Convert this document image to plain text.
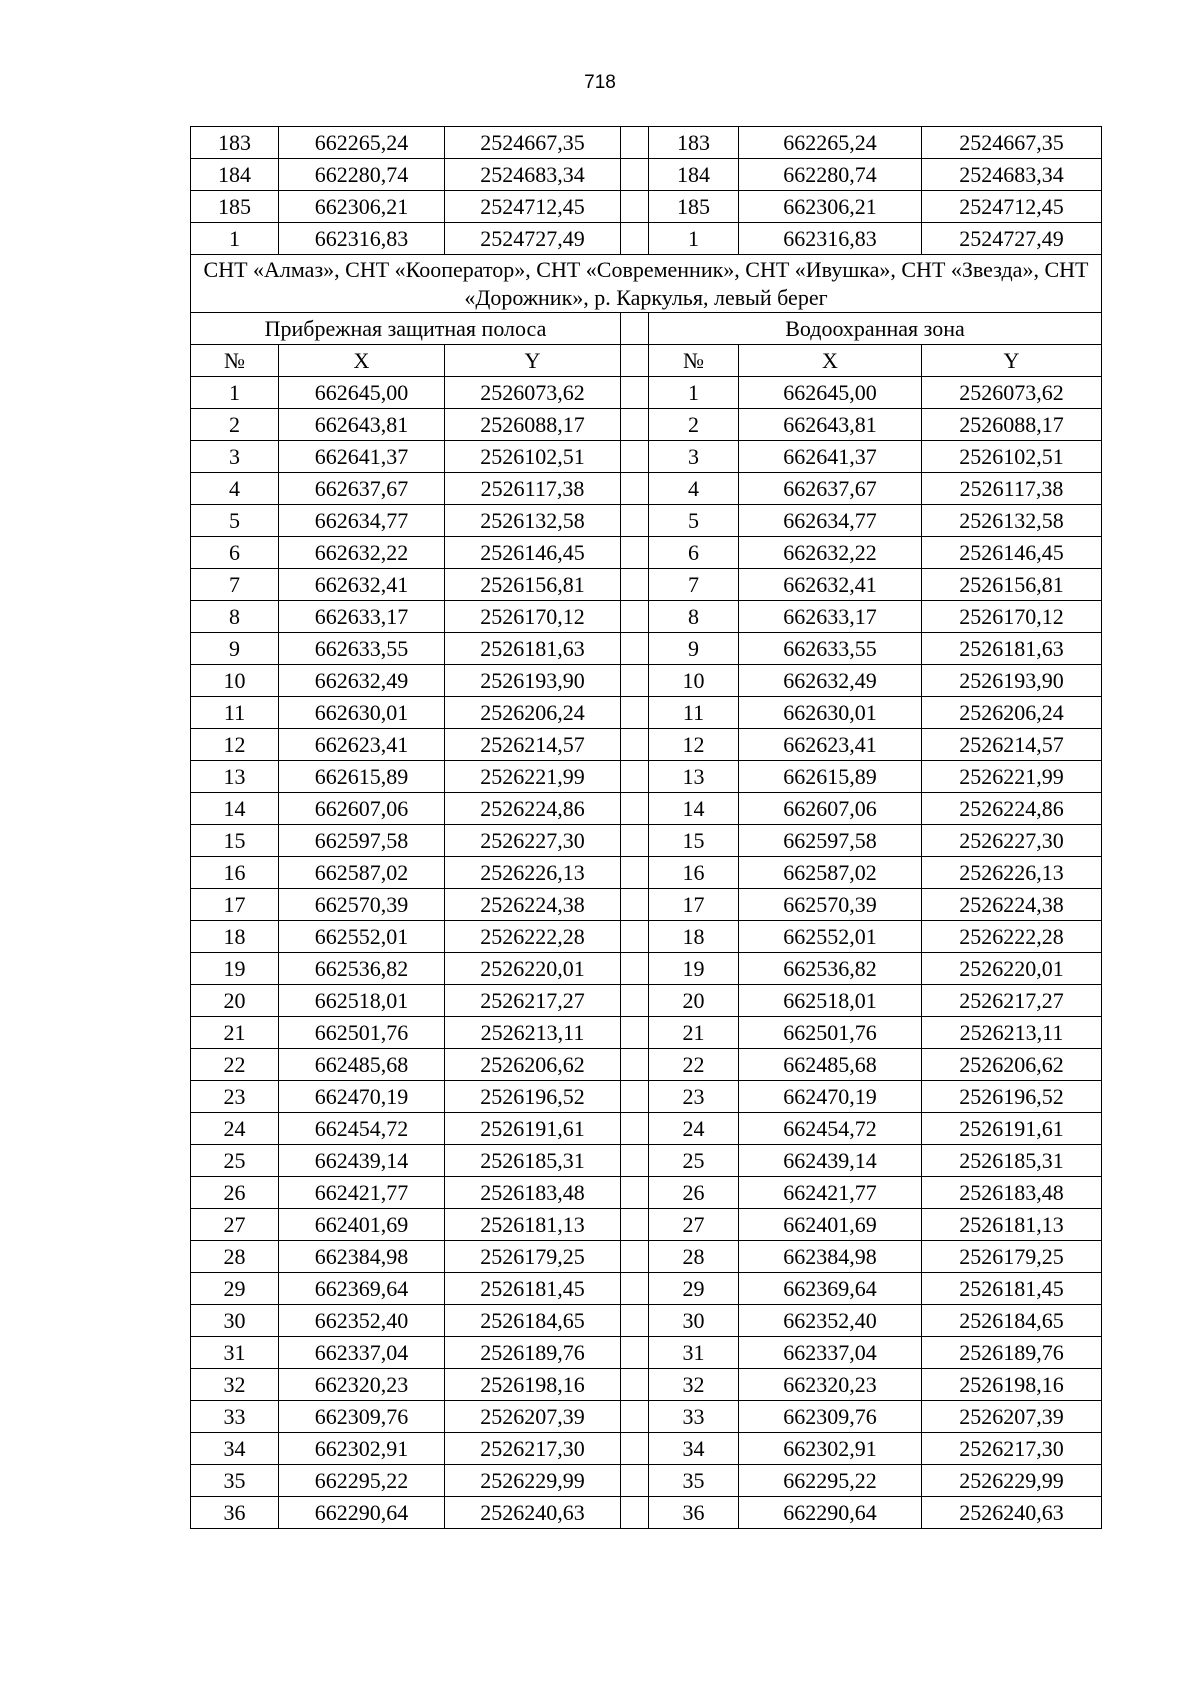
718
183	662265,24	2524667,35		183	662265,24	2524667,35
184	662280,74	2524683,34		184	662280,74	2524683,34
185	662306,21	2524712,45		185	662306,21	2524712,45
1	662316,83	2524727,49		1	662316,83	2524727,49
СНТ «Алмаз», СНТ «Кооператор», СНТ «Современник», СНТ «Ивушка», СНТ «Звезда», СНТ «Дорожник», р. Каркулья, левый берег						
Прибрежная защитная полоса				Водоохранная зона		
№	X	Y		№	X	Y
1	662645,00	2526073,62		1	662645,00	2526073,62
2	662643,81	2526088,17		2	662643,81	2526088,17
3	662641,37	2526102,51		3	662641,37	2526102,51
4	662637,67	2526117,38		4	662637,67	2526117,38
5	662634,77	2526132,58		5	662634,77	2526132,58
6	662632,22	2526146,45		6	662632,22	2526146,45
7	662632,41	2526156,81		7	662632,41	2526156,81
8	662633,17	2526170,12		8	662633,17	2526170,12
9	662633,55	2526181,63		9	662633,55	2526181,63
10	662632,49	2526193,90		10	662632,49	2526193,90
11	662630,01	2526206,24		11	662630,01	2526206,24
12	662623,41	2526214,57		12	662623,41	2526214,57
13	662615,89	2526221,99		13	662615,89	2526221,99
14	662607,06	2526224,86		14	662607,06	2526224,86
15	662597,58	2526227,30		15	662597,58	2526227,30
16	662587,02	2526226,13		16	662587,02	2526226,13
17	662570,39	2526224,38		17	662570,39	2526224,38
18	662552,01	2526222,28		18	662552,01	2526222,28
19	662536,82	2526220,01		19	662536,82	2526220,01
20	662518,01	2526217,27		20	662518,01	2526217,27
21	662501,76	2526213,11		21	662501,76	2526213,11
22	662485,68	2526206,62		22	662485,68	2526206,62
23	662470,19	2526196,52		23	662470,19	2526196,52
24	662454,72	2526191,61		24	662454,72	2526191,61
25	662439,14	2526185,31		25	662439,14	2526185,31
26	662421,77	2526183,48		26	662421,77	2526183,48
27	662401,69	2526181,13		27	662401,69	2526181,13
28	662384,98	2526179,25		28	662384,98	2526179,25
29	662369,64	2526181,45		29	662369,64	2526181,45
30	662352,40	2526184,65		30	662352,40	2526184,65
31	662337,04	2526189,76		31	662337,04	2526189,76
32	662320,23	2526198,16		32	662320,23	2526198,16
33	662309,76	2526207,39		33	662309,76	2526207,39
34	662302,91	2526217,30		34	662302,91	2526217,30
35	662295,22	2526229,99		35	662295,22	2526229,99
36	662290,64	2526240,63		36	662290,64	2526240,63
